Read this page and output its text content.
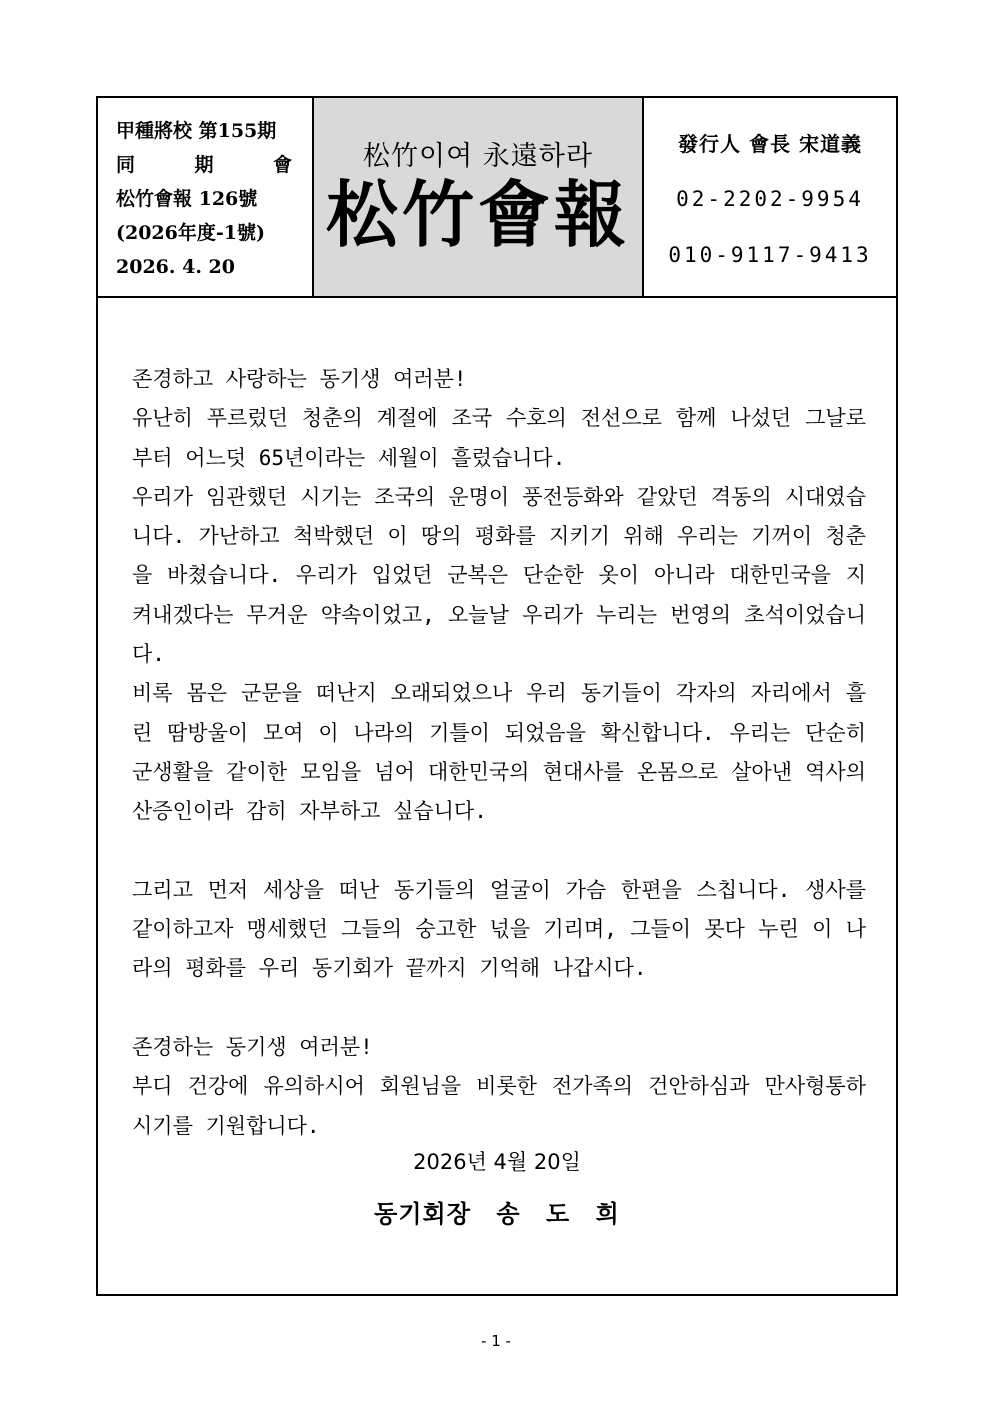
甲種將校 第155期
同	期	會
松竹會報 126號
(2026年度-1號)
2026. 4. 20
松竹이여 永遠하라
松竹會報
發行人 會長 宋道義
02-2202-9954
010-9117-9413

존경하고 사랑하는 동기생 여러분!

유난히 푸르렀던 청춘의 계절에 조국 수호의 전선으로 함께 나섰던 그날로부터 어느덧 65년이라는 세월이 흘렀습니다.

우리가 임관했던 시기는 조국의 운명이 풍전등화와 같았던 격동의 시대였습니다. 가난하고 척박했던 이 땅의 평화를 지키기 위해 우리는 기꺼이 청춘을 바쳤습니다. 우리가 입었던 군복은 단순한 옷이 아니라 대한민국을 지켜내겠다는 무거운 약속이었고, 오늘날 우리가 누리는 번영의 초석이었습니다.

비록 몸은 군문을 떠난지 오래되었으나 우리 동기들이 각자의 자리에서 흘린 땀방울이 모여 이 나라의 기틀이 되었음을 확신합니다. 우리는 단순히 군생활을 같이한 모임을 넘어 대한민국의 현대사를 온몸으로 살아낸 역사의 산증인이라 감히 자부하고 싶습니다.

그리고 먼저 세상을 떠난 동기들의 얼굴이 가슴 한편을 스칩니다. 생사를 같이하고자 맹세했던 그들의 숭고한 넋을 기리며, 그들이 못다 누린 이 나라의 평화를 우리 동기회가 끝까지 기억해 나갑시다.

존경하는 동기생 여러분!

부디 건강에 유의하시어 회원님을 비롯한 전가족의 건안하심과 만사형통하시기를 기원합니다.

2026년 4월 20일
동기회장 송 도 희
- 1 -
